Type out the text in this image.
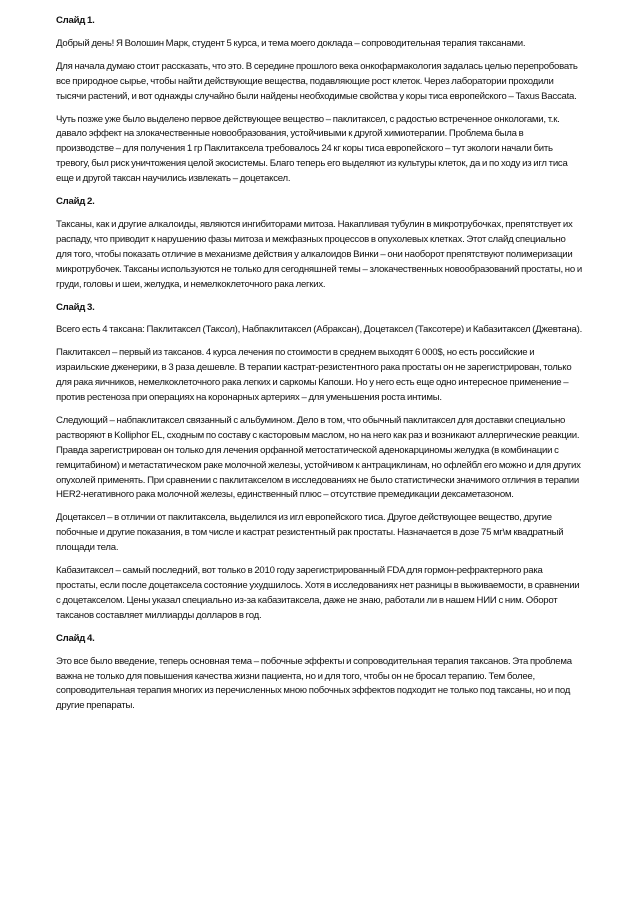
Слайд 1.

Добрый день! Я Волошин Марк, студент 5 курса, и тема моего доклада – сопроводительная терапия таксанами.

Для начала думаю стоит рассказать, что это. В середине прошлого века онкофармакология задалась целью перепробовать все природное сырье, чтобы найти действующие вещества, подавляющие рост клеток. Через лаборатории проходили тысячи растений, и вот однажды случайно были найдены необходимые свойства у коры тиса европейского – Taxus Baccata.

Чуть позже уже было выделено первое действующее вещество – паклитаксел, с радостью встреченное онкологами, т.к. давало эффект на злокачественные новообразования, устойчивыми к другой химиотерапии. Проблема была в производстве – для получения 1 гр Паклитаксела требовалось 24 кг коры тиса европейского – тут экологи начали бить тревогу, был риск уничтожения целой экосистемы. Благо теперь его выделяют из культуры клеток, да и по ходу из игл тиса еще и другой таксан научились извлекать – доцетаксел.

Слайд 2.

Таксаны, как и другие алкалоиды, являются ингибиторами митоза. Накапливая тубулин в микротрубочках, препятствует их распаду, что приводит к нарушению фазы митоза и межфазных процессов в опухолевых клетках. Этот слайд специально для того, чтобы показать отличие в механизме действия у алкалоидов Винки – они наоборот препятствуют полимеризации микротрубочек. Таксаны используются не только для сегодняшней темы – злокачественных новообразований простаты, но и груди, головы и шеи, желудка, и немелкоклеточного рака легких.

Слайд 3.

Всего есть 4 таксана: Паклитаксел (Таксол), Набпаклитаксел (Абраксан), Доцетаксел (Таксотере) и Кабазитаксел (Джевтана).

Паклитаксел – первый из таксанов. 4 курса лечения по стоимости в среднем выходят 6 000$, но есть российские и израильские дженерики, в 3 раза дешевле. В терапии кастрат-резистентного рака простаты он не зарегистрирован, только для рака яичников, немелкоклеточного рака легких и саркомы Капоши. Но у него есть еще одно интересное применение – против рестеноза при операциях на коронарных артериях – для уменьшения роста интимы.

Следующий – набпаклитаксел связанный с альбумином. Дело в том, что обычный паклитаксел для доставки специально растворяют в Kolliphor EL, сходным по составу с касторовым маслом, но на него как раз и возникают аллергические реакции. Правда зарегистрирован он только для лечения орфанной метостатической аденокарциномы желудка (в комбинации с гемцитабином) и метастатическом раке молочной железы, устойчивом к антрациклинам, но офлейбл его можно и для других опухолей применять. При сравнении с паклитакселом в исследованиях не было статистически значимого отличия в терапии HER2-негативного рака молочной железы, единственный плюс – отсутствие премедикации дексаметазоном.

Доцетаксел – в отличии от паклитаксела, выделился из игл европейского тиса. Другое действующее вещество, другие побочные и другие показания, в том числе и кастрат резистентный рак простаты. Назначается в дозе 75 мг\м квадратный площади тела.

Кабазитаксел – самый последний, вот только в 2010 году зарегистрированный FDA для гормон-рефрактерного рака простаты, если после доцетаксела состояние ухудшилось. Хотя в исследованиях нет разницы в выживаемости, в сравнении с доцетакселом. Цены указал специально из-за кабазитаксела, даже не знаю, работали ли в нашем НИИ с ним. Оборот таксанов составляет миллиарды долларов в год.

Слайд 4.

Это все было введение, теперь основная тема – побочные эффекты и сопроводительная терапия таксанов. Эта проблема важна не только для повышения качества жизни пациента, но и для того, чтобы он не бросал терапию. Тем более, сопроводительная терапия многих из перечисленных мною побочных эффектов подходит не только под таксаны, но и под другие препараты.
